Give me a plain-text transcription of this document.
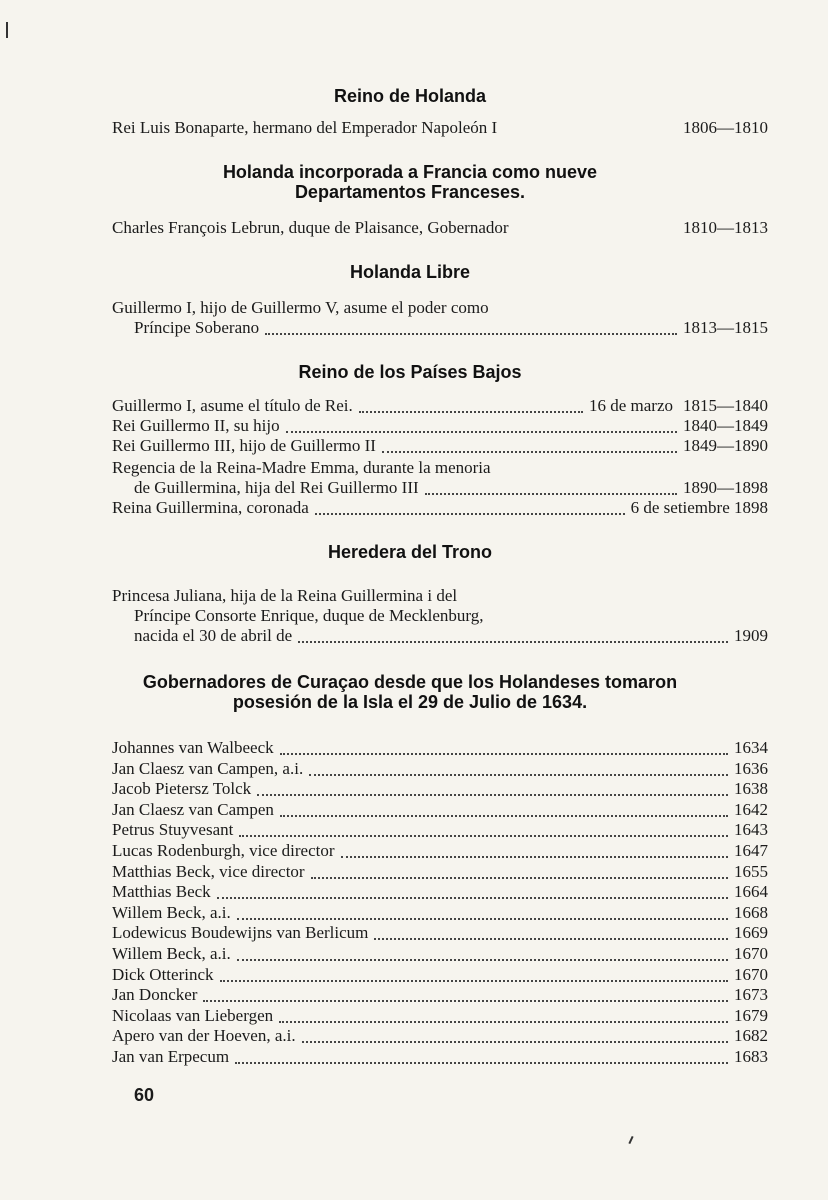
Reino de Holanda
Rei Luis Bonaparte, hermano del Emperador Napoleón I	1806—1810
Holanda incorporada a Francia como nueve
Departamentos Franceses.
Charles François Lebrun, duque de Plaisance, Gobernador	1810—1813
Holanda Libre
Guillermo I, hijo de Guillermo V, asume el poder como
Príncipe Soberano	1813—1815
Reino de los Países Bajos
Guillermo I, asume el título de Rei.	16 de marzo 1815—1840
Rei Guillermo II, su hijo	1840—1849
Rei Guillermo III, hijo de Guillermo II	1849—1890
Regencia de la Reina-Madre Emma, durante la menoria
de Guillermina, hija del Rei Guillermo III	1890—1898
Reina Guillermina, coronada	6 de setiembre 1898
Heredera del Trono
Princesa Juliana, hija de la Reina Guillermina i del
Príncipe Consorte Enrique, duque de Mecklenburg,
nacida el 30 de abril de	1909
Gobernadores de Curaçao desde que los Holandeses tomaron
posesión de la Isla el 29 de Julio de 1634.
Johannes van Walbeeck	1634
Jan Claesz van Campen, a.i.	1636
Jacob Pietersz Tolck	1638
Jan Claesz van Campen	1642
Petrus Stuyvesant	1643
Lucas Rodenburgh, vice director	1647
Matthias Beck, vice director	1655
Matthias Beck	1664
Willem Beck, a.i.	1668
Lodewicus Boudewijns van Berlicum	1669
Willem Beck, a.i.	1670
Dick Otterinck	1670
Jan Doncker	1673
Nicolaas van Liebergen	1679
Apero van der Hoeven, a.i.	1682
Jan van Erpecum	1683
60
